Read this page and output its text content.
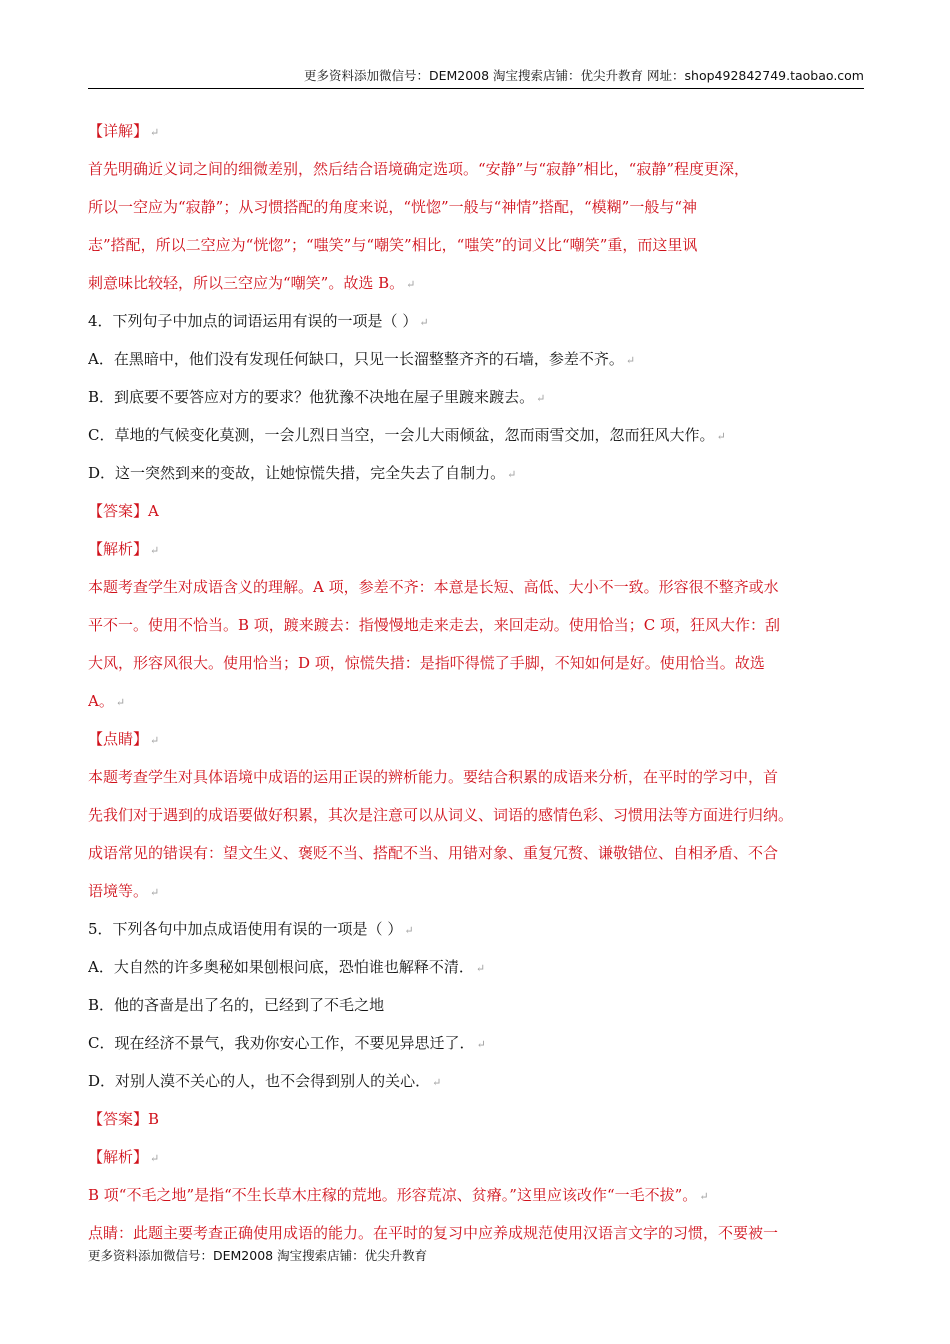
更多资料添加微信号：DEM2008 淘宝搜索店铺：优尖升教育 网址：shop492842749.taobao.com
【详解】 ↵
首先明确近义词之间的细微差别，然后结合语境确定选项。“安静”与“寂静”相比，“寂静”程度更深，
所以一空应为“寂静”；从习惯搭配的角度来说，“恍惚”一般与“神情”搭配，“模糊”一般与“神
志”搭配，所以二空应为“恍惚”；“嗤笑”与“嘲笑”相比，“嗤笑”的词义比“嘲笑”重，而这里讽
刺意味比较轻，所以三空应为“嘲笑”。故选 B。 ↵
4．下列句子中加点的词语运用有误的一项是（ ） ↵
A．在黑暗中，他们没有发现任何缺口，只见一长溜整整齐齐的石墙，参差不齐。 ↵
B．到底要不要答应对方的要求？他犹豫不决地在屋子里踱来踱去。 ↵
C．草地的气候变化莫测，一会儿烈日当空，一会儿大雨倾盆，忽而雨雪交加，忽而狂风大作。 ↵
D．这一突然到来的变故，让她惊慌失措，完全失去了自制力。 ↵
【答案】A
【解析】 ↵
本题考查学生对成语含义的理解。A 项，参差不齐：本意是长短、高低、大小不一致。形容很不整齐或水
平不一。使用不恰当。B 项，踱来踱去：指慢慢地走来走去，来回走动。使用恰当；C 项，狂风大作：刮
大风，形容风很大。使用恰当；D 项，惊慌失措：是指吓得慌了手脚，不知如何是好。使用恰当。故选
A。 ↵
【点睛】 ↵
本题考查学生对具体语境中成语的运用正误的辨析能力。要结合积累的成语来分析，在平时的学习中，首
先我们对于遇到的成语要做好积累，其次是注意可以从词义、词语的感情色彩、习惯用法等方面进行归纳。
成语常见的错误有：望文生义、褒贬不当、搭配不当、用错对象、重复冗赘、谦敬错位、自相矛盾、不合
语境等。 ↵
5．下列各句中加点成语使用有误的一项是（ ） ↵
A．大自然的许多奥秘如果刨根问底，恐怕谁也解释不清． ↵
B．他的吝啬是出了名的，已经到了不毛之地
C．现在经济不景气，我劝你安心工作，不要见异思迁了． ↵
D．对别人漠不关心的人，也不会得到别人的关心． ↵
【答案】B
【解析】 ↵
B 项“不毛之地”是指“不生长草木庄稼的荒地。形容荒凉、贫瘠。”这里应该改作“一毛不拔”。 ↵
点睛：此题主要考查正确使用成语的能力。在平时的复习中应养成规范使用汉语言文字的习惯，不要被一
更多资料添加微信号：DEM2008 淘宝搜索店铺：优尖升教育
